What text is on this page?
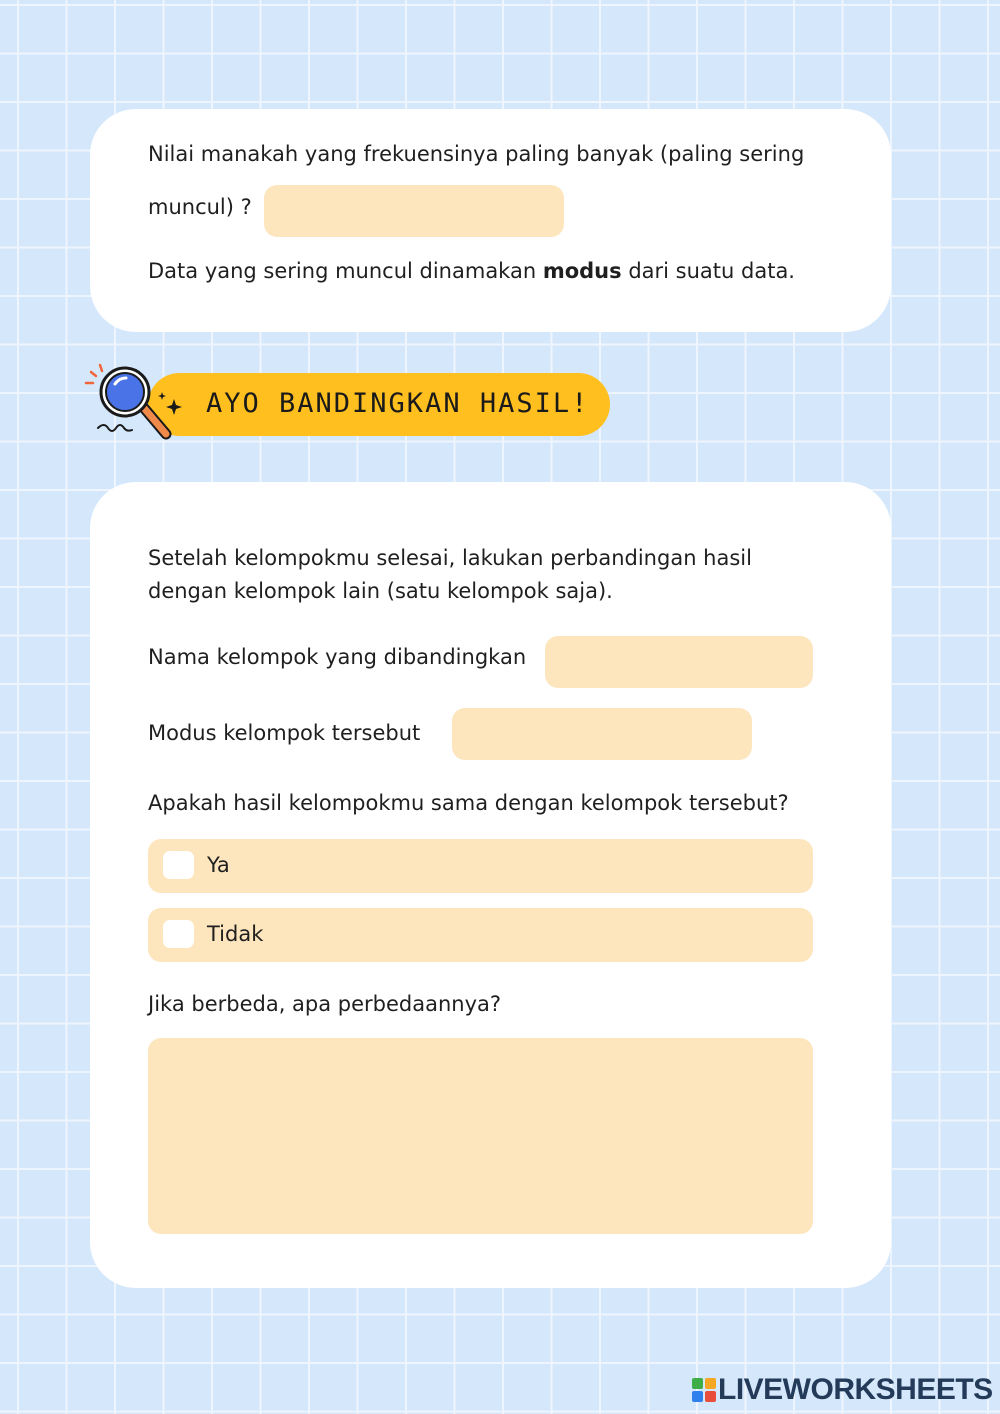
Nilai manakah yang frekuensinya paling banyak (paling sering
muncul) ?
Data yang sering muncul dinamakan modus dari suatu data.
AYO BANDINGKAN HASIL!
Setelah kelompokmu selesai, lakukan perbandingan hasil
dengan kelompok lain (satu kelompok saja).
Nama kelompok yang dibandingkan
Modus kelompok tersebut
Apakah hasil kelompokmu sama dengan kelompok tersebut?
Ya
Tidak
Jika berbeda, apa perbedaannya?
LIVEWORKSHEETS
